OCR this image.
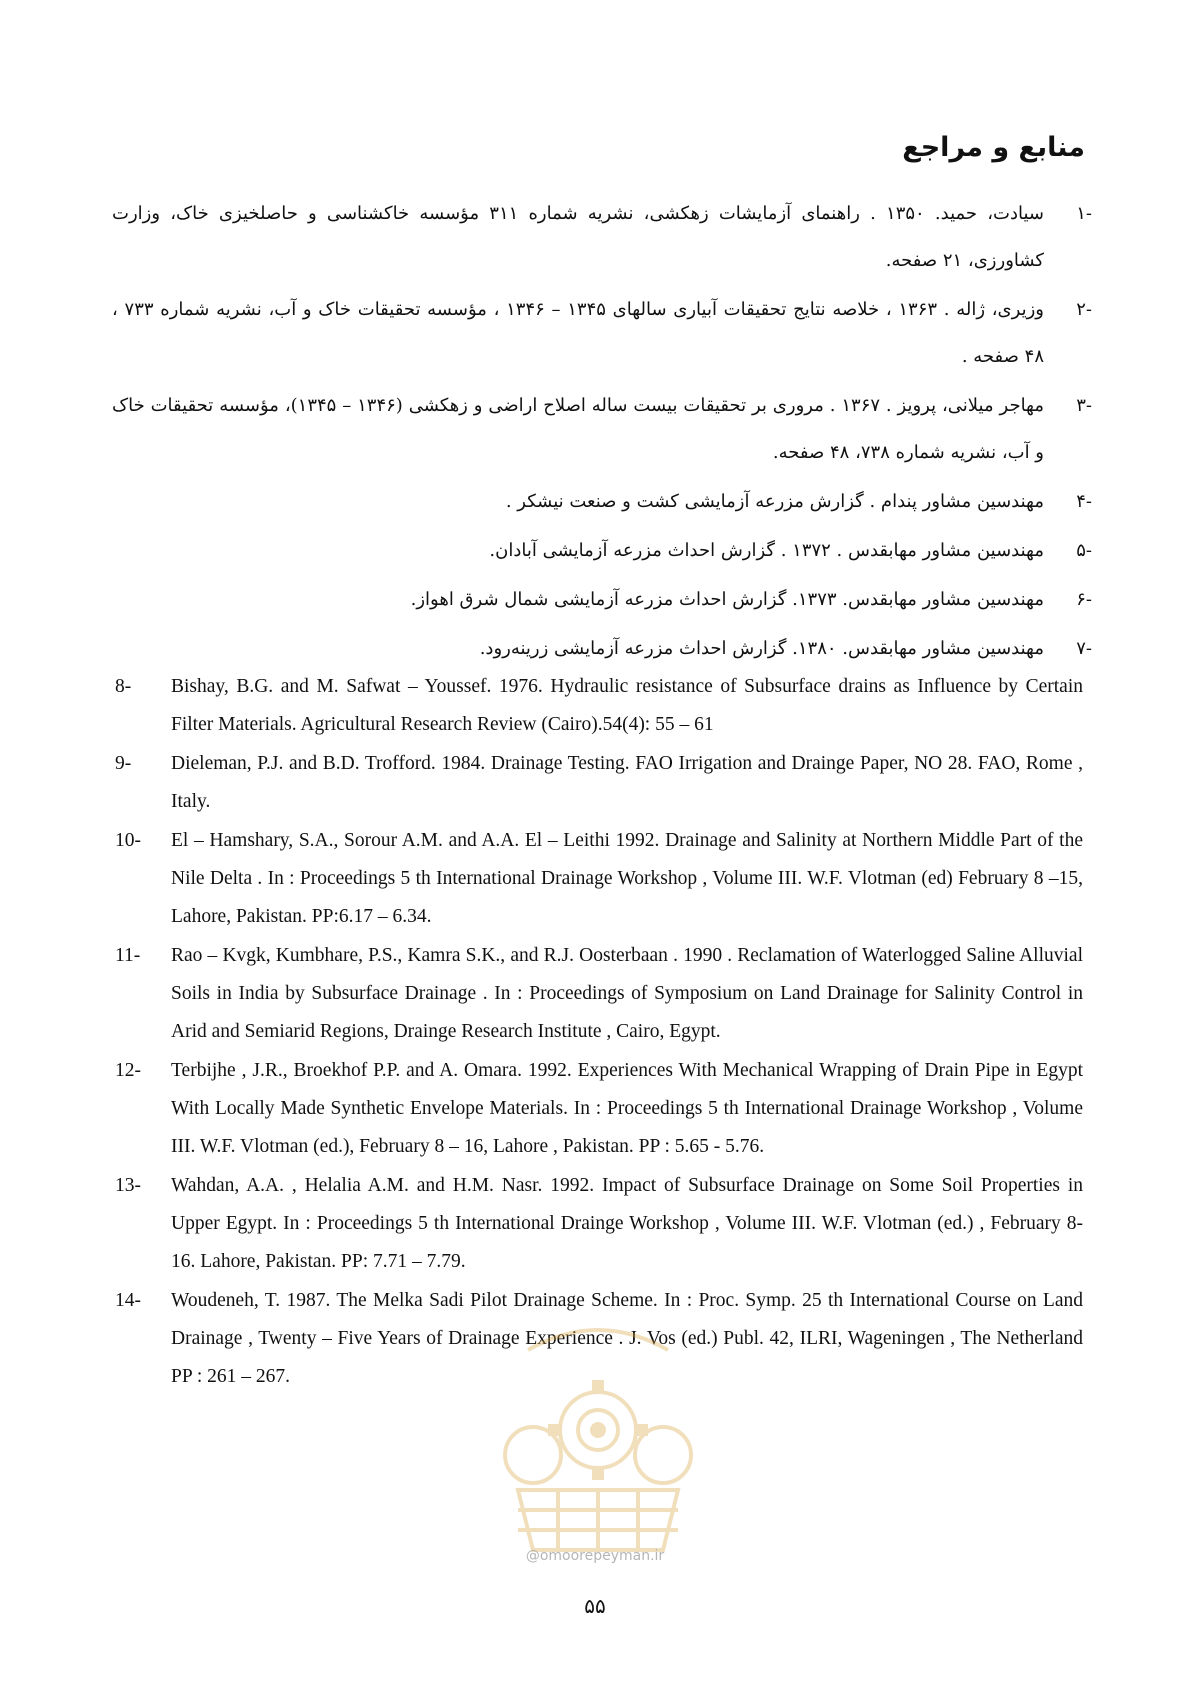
منابع و مراجع
-۱
سیادت، حمید. ۱۳۵۰ . راهنمای آزمایشات زهکشی، نشریه شماره ۳۱۱ مؤسسه خاکشناسی و حاصلخیزی خاک، وزارت کشاورزی، ۲۱ صفحه.
-۲
وزیری، ژاله . ۱۳۶۳ ، خلاصه نتایج تحقیقات آبیاری سالهای ۱۳۴۵ – ۱۳۴۶ ، مؤسسه تحقیقات خاک و آب، نشریه شماره ۷۳۳ ، ۴۸ صفحه .
-۳
مهاجر میلانی، پرویز . ۱۳۶۷ . مروری بر تحقیقات بیست ساله اصلاح اراضی و زهکشی (۱۳۴۶ – ۱۳۴۵)، مؤسسه تحقیقات خاک و آب، نشریه شماره ۷۳۸، ۴۸ صفحه.
-۴
مهندسین مشاور پندام . گزارش مزرعه آزمایشی کشت و صنعت نیشکر .
-۵
مهندسین مشاور مهابقدس . ۱۳۷۲ . گزارش احداث مزرعه آزمایشی آبادان.
-۶
مهندسین مشاور مهابقدس. ۱۳۷۳. گزارش احداث مزرعه آزمایشی شمال شرق اهواز.
-۷
مهندسین مشاور مهابقدس. ۱۳۸۰. گزارش احداث مزرعه آزمایشی زرینه‌رود.
8-	Bishay, B.G. and M. Safwat – Youssef. 1976. Hydraulic resistance of Subsurface drains as Influence by Certain Filter Materials. Agricultural Research Review (Cairo).54(4): 55 – 61
9-	Dieleman, P.J. and B.D. Trofford. 1984. Drainage Testing. FAO Irrigation and Drainge Paper, NO 28. FAO, Rome , Italy.
10-	El – Hamshary, S.A., Sorour A.M. and A.A. El – Leithi 1992. Drainage and Salinity at Northern Middle Part of the Nile Delta . In : Proceedings 5 th International Drainage Workshop , Volume III. W.F. Vlotman (ed) February 8 –15, Lahore, Pakistan. PP:6.17 – 6.34.
11-	Rao – Kvgk, Kumbhare, P.S., Kamra S.K., and R.J. Oosterbaan . 1990 . Reclamation of Waterlogged Saline Alluvial Soils in India by Subsurface Drainage . In : Proceedings of Symposium on Land Drainage for Salinity Control in Arid and Semiarid Regions, Drainge Research Institute , Cairo, Egypt.
12-	Terbijhe , J.R., Broekhof P.P. and A. Omara. 1992. Experiences With Mechanical Wrapping of Drain Pipe in Egypt With Locally Made Synthetic Envelope Materials. In : Proceedings 5 th International Drainage Workshop , Volume III. W.F. Vlotman (ed.), February 8 – 16, Lahore , Pakistan. PP : 5.65 - 5.76.
13-	Wahdan, A.A. , Helalia A.M. and H.M. Nasr. 1992. Impact of Subsurface Drainage on Some Soil Properties in Upper Egypt. In : Proceedings 5 th International Drainge Workshop , Volume III. W.F. Vlotman (ed.) , February 8-16. Lahore, Pakistan. PP: 7.71 – 7.79.
14-	Woudeneh, T. 1987. The Melka Sadi Pilot Drainage Scheme. In : Proc. Symp. 25 th International Course on Land Drainage , Twenty – Five Years of Drainage Experience . J. Vos (ed.) Publ. 42, ILRI, Wageningen , The Netherland PP : 261 – 267.
@omoorepeyman.ir
۵۵
